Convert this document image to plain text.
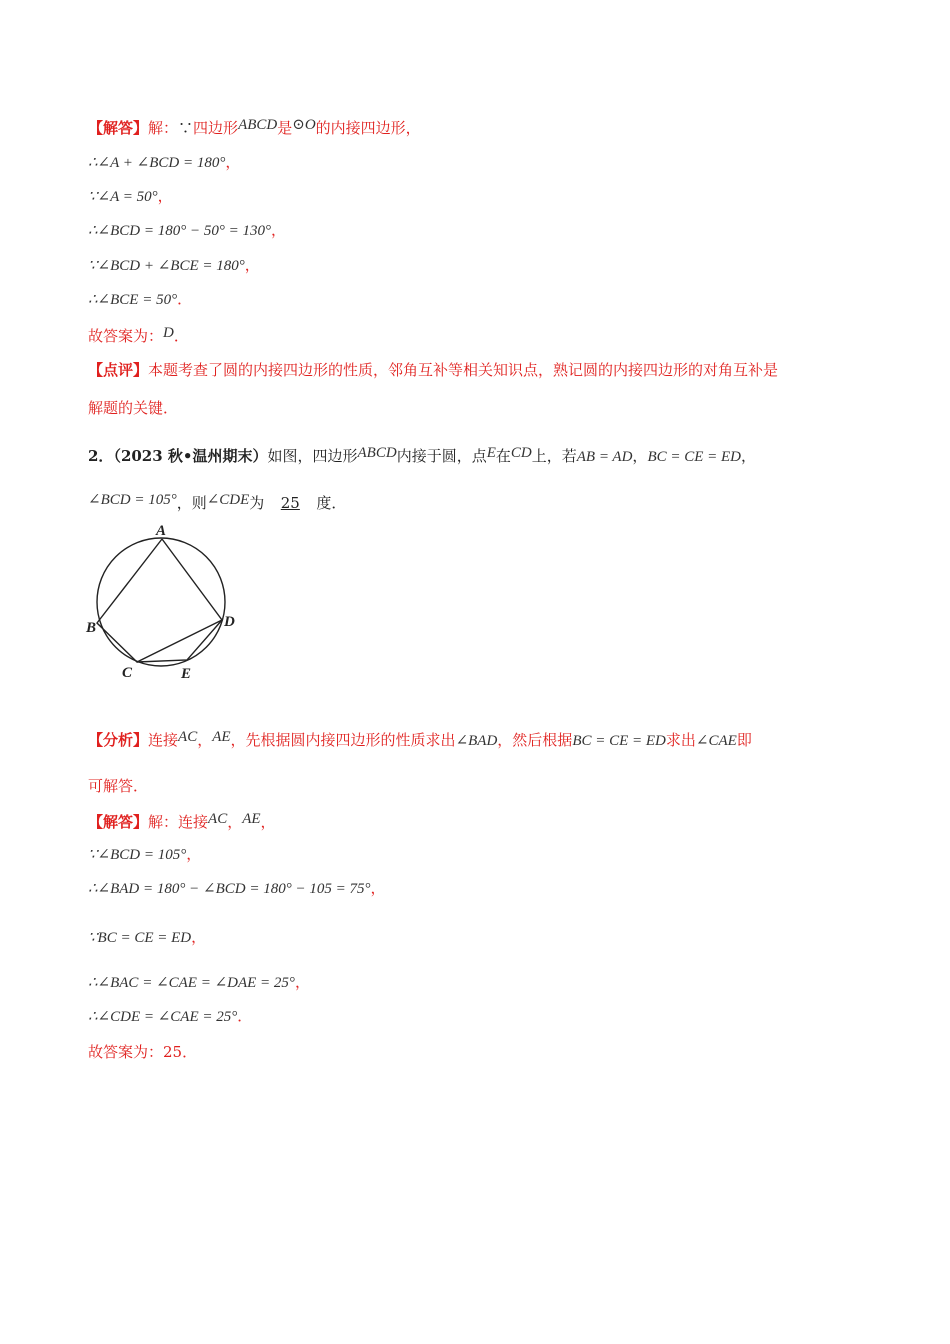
【解答】解：∵四边形ABCD是⊙O的内接四边形，
∴∠A + ∠BCD = 180°，
∵∠A = 50°，
∴∠BCD = 180° − 50° = 130°，
∵∠BCD + ∠BCE = 180°，
∴∠BCE = 50°．
故答案为：D．
【点评】本题考查了圆的内接四边形的性质，邻角互补等相关知识点，熟记圆的内接四边形的对角互补是
解题的关键．
2．（2023 秋•温州期末）如图，四边形ABCD内接于圆，点E在CD上，若AB = AD，BC = CE = ED，
∠BCD = 105°，则∠CDE为 25 度．
A
B
C
D
E
【分析】连接AC，AE，先根据圆内接四边形的性质求出∠BAD，然后根据BC = CE = ED求出∠CAE即
可解答．
【解答】解：连接AC，AE，
∵∠BCD = 105°，
∴∠BAD = 180° − ∠BCD = 180° − 105 = 75°，
∵BC = CE = ED，
∴∠BAC = ∠CAE = ∠DAE = 25°，
∴∠CDE = ∠CAE = 25°．
故答案为：25．
